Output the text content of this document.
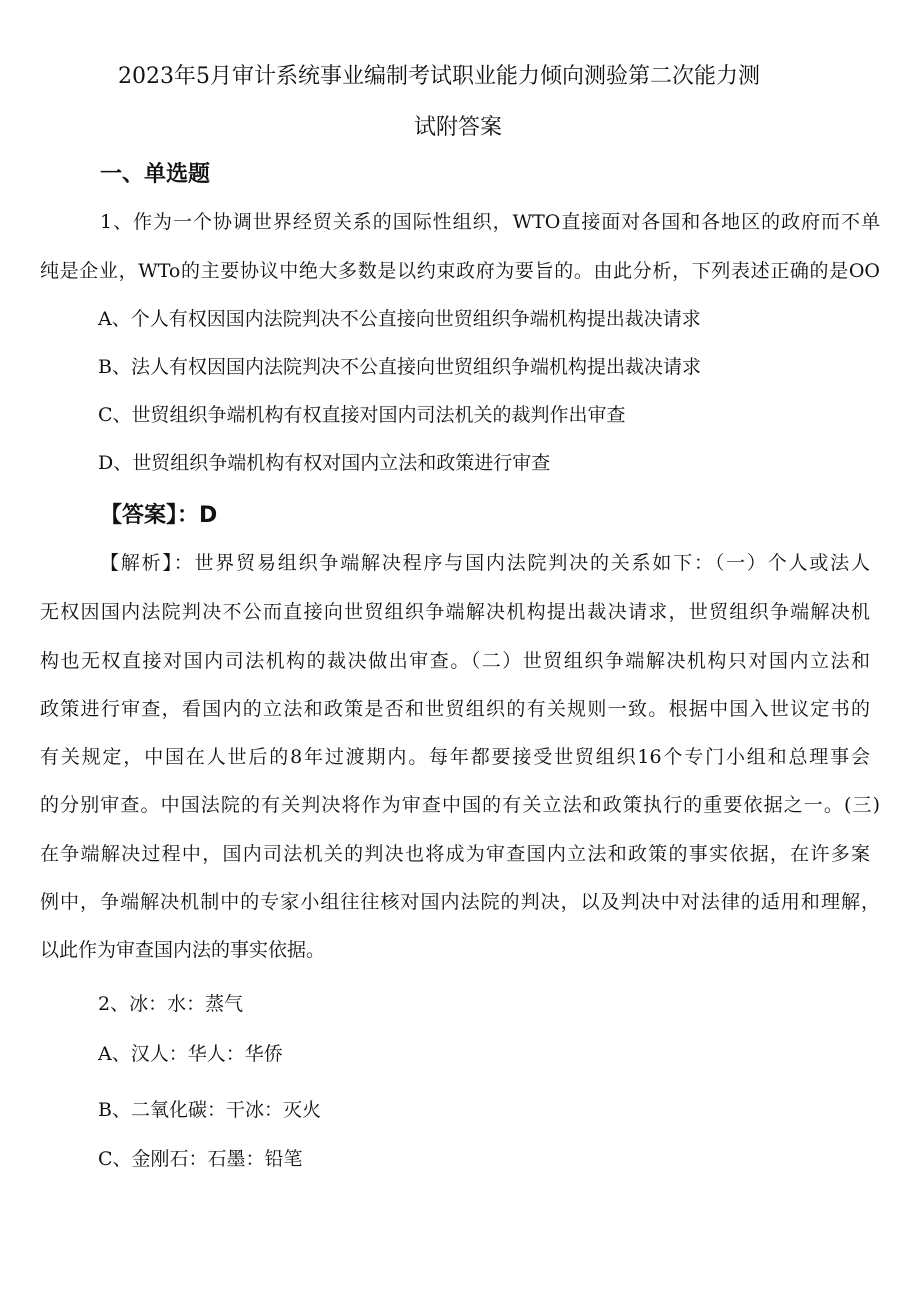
2023年5月审计系统事业编制考试职业能力倾向测验第二次能力测
试附答案
一、单选题
1、作为一个协调世界经贸关系的国际性组织，WTO直接面对各国和各地区的政府而不单
纯是企业，WTo的主要协议中绝大多数是以约束政府为要旨的。由此分析，下列表述正确的是OO
A、个人有权因国内法院判决不公直接向世贸组织争端机构提出裁决请求
B、法人有权因国内法院判决不公直接向世贸组织争端机构提出裁决请求
C、世贸组织争端机构有权直接对国内司法机关的裁判作出审查
D、世贸组织争端机构有权对国内立法和政策进行审查
【答案】：D
【解析】：世界贸易组织争端解决程序与国内法院判决的关系如下：（一）个人或法人
无权因国内法院判决不公而直接向世贸组织争端解决机构提出裁决请求，世贸组织争端解决机
构也无权直接对国内司法机构的裁决做出审查。（二）世贸组织争端解决机构只对国内立法和
政策进行审查，看国内的立法和政策是否和世贸组织的有关规则一致。根据中国入世议定书的
有关规定，中国在人世后的8年过渡期内。每年都要接受世贸组织16个专门小组和总理事会
的分别审查。中国法院的有关判决将作为审查中国的有关立法和政策执行的重要依据之一。(三)
在争端解决过程中，国内司法机关的判决也将成为审查国内立法和政策的事实依据，在许多案
例中，争端解决机制中的专家小组往往核对国内法院的判决，以及判决中对法律的适用和理解，
以此作为审查国内法的事实依据。
2、冰：水：蒸气
A、汉人：华人：华侨
B、二氧化碳：干冰：灭火
C、金刚石：石墨：铅笔
